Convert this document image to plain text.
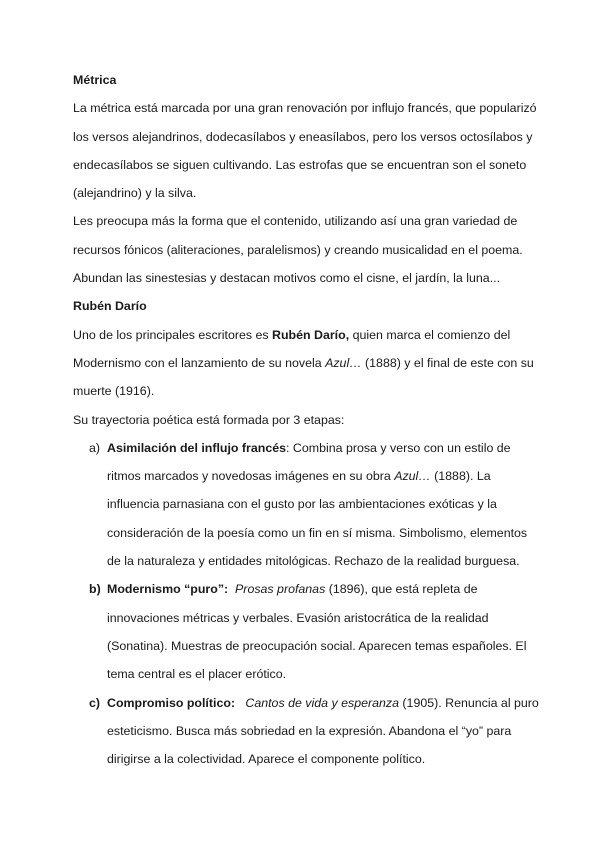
Métrica
La métrica está marcada por una gran renovación por influjo francés, que popularizó
los versos alejandrinos, dodecasílabos y eneasílabos, pero los versos octosílabos y
endecasílabos se siguen cultivando. Las estrofas que se encuentran son el soneto
(alejandrino) y la silva.
Les preocupa más la forma que el contenido, utilizando así una gran variedad de
recursos fónicos (aliteraciones, paralelismos) y creando musicalidad en el poema.
Abundan las sinestesias y destacan motivos como el cisne, el jardín, la luna...
Rubén Darío
Uno de los principales escritores es Rubén Darío, quien marca el comienzo del
Modernismo con el lanzamiento de su novela Azul… (1888) y el final de este con su
muerte (1916).
Su trayectoria poética está formada por 3 etapas:
a) Asimilación del influjo francés: Combina prosa y verso con un estilo de
ritmos marcados y novedosas imágenes en su obra Azul… (1888). La
influencia parnasiana con el gusto por las ambientaciones exóticas y la
consideración de la poesía como un fin en sí misma. Simbolismo, elementos
de la naturaleza y entidades mitológicas. Rechazo de la realidad burguesa.
b) Modernismo “puro”: Prosas profanas (1896), que está repleta de
innovaciones métricas y verbales. Evasión aristocrática de la realidad
(Sonatina). Muestras de preocupación social. Aparecen temas españoles. El
tema central es el placer erótico.
c) Compromiso político: Cantos de vida y esperanza (1905). Renuncia al puro
esteticismo. Busca más sobriedad en la expresión. Abandona el “yo” para
dirigirse a la colectividad. Aparece el componente político.
